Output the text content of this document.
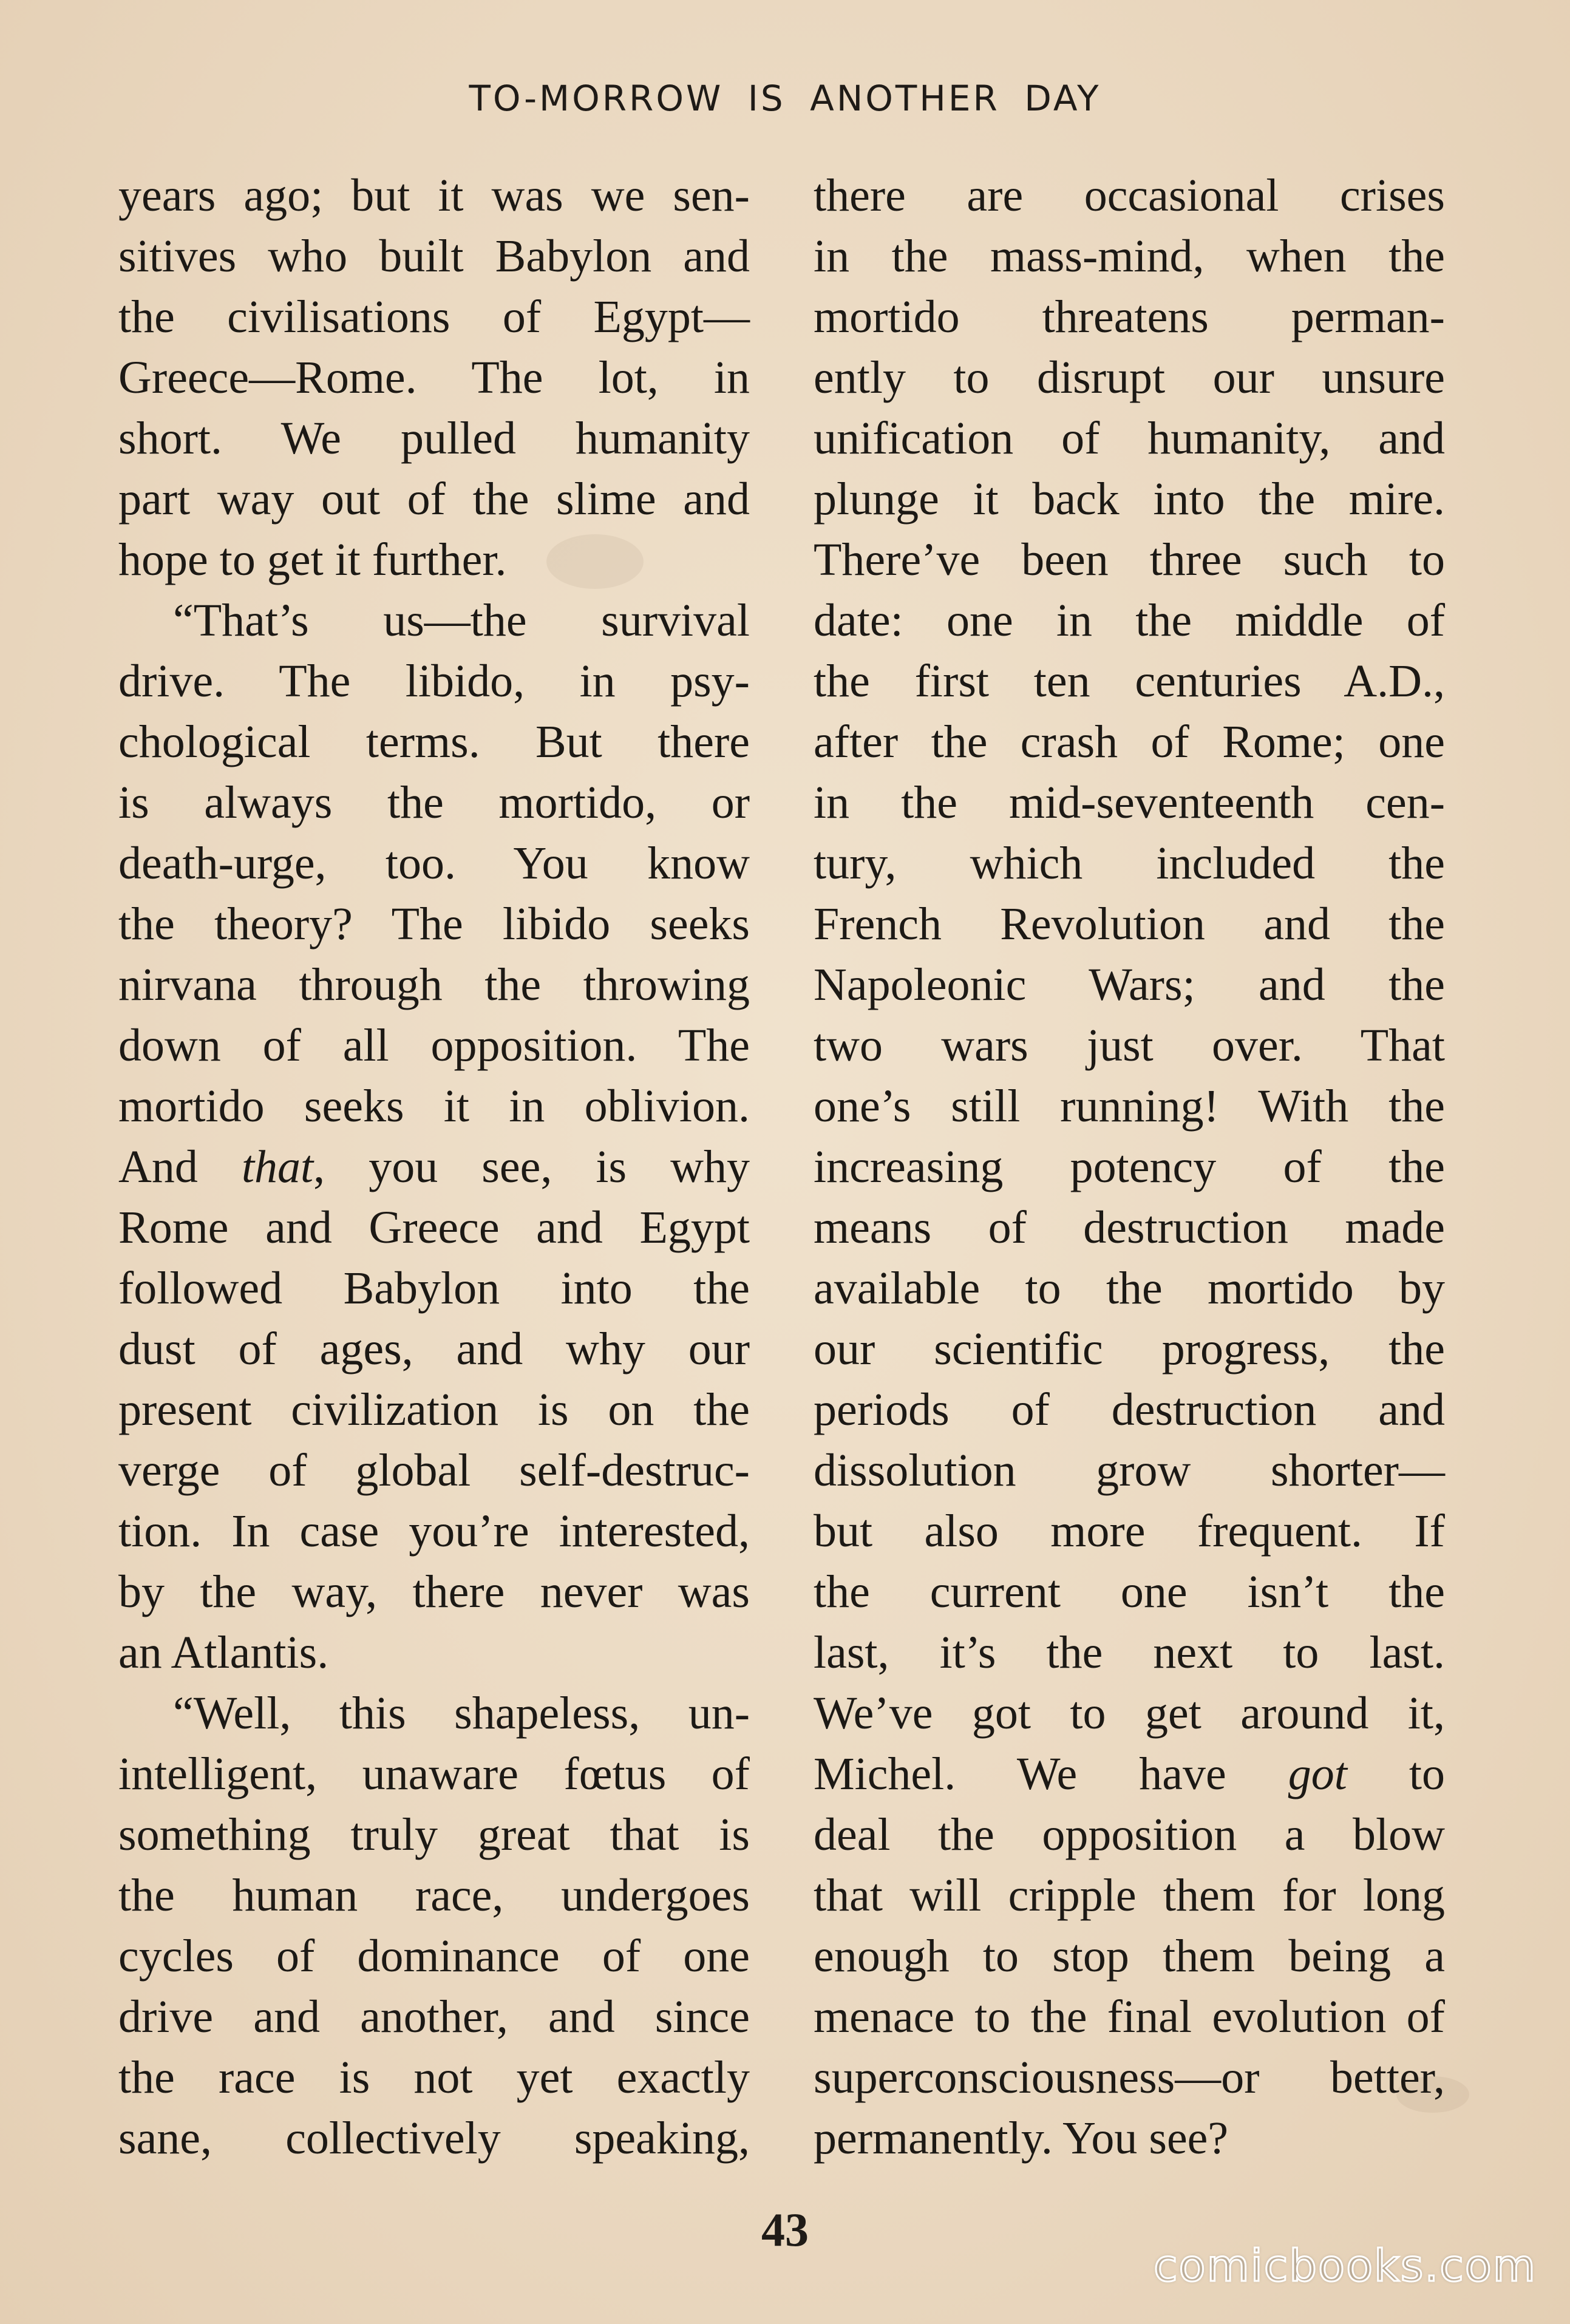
TO-MORROW IS ANOTHER DAY
years ago; but it was we sen-
sitives who built Babylon and
the civilisations of Egypt—
Greece—Rome. The lot, in
short. We pulled humanity
part way out of the slime and
hope to get it further.
“That’s us—the survival
drive. The libido, in psy-
chological terms. But there
is always the mortido, or
death-urge, too. You know
the theory? The libido seeks
nirvana through the throwing
down of all opposition. The
mortido seeks it in oblivion.
And that, you see, is why
Rome and Greece and Egypt
followed Babylon into the
dust of ages, and why our
present civilization is on the
verge of global self-destruc-
tion. In case you’re interested,
by the way, there never was
an Atlantis.
“Well, this shapeless, un-
intelligent, unaware fœtus of
something truly great that is
the human race, undergoes
cycles of dominance of one
drive and another, and since
the race is not yet exactly
sane, collectively speaking,
there are occasional crises
in the mass-mind, when the
mortido threatens perman-
ently to disrupt our unsure
unification of humanity, and
plunge it back into the mire.
There’ve been three such to
date: one in the middle of
the first ten centuries A.D.,
after the crash of Rome; one
in the mid-seventeenth cen-
tury, which included the
French Revolution and the
Napoleonic Wars; and the
two wars just over. That
one’s still running! With the
increasing potency of the
means of destruction made
available to the mortido by
our scientific progress, the
periods of destruction and
dissolution grow shorter—
but also more frequent. If
the current one isn’t the
last, it’s the next to last.
We’ve got to get around it,
Michel. We have got to
deal the opposition a blow
that will cripple them for long
enough to stop them being a
menace to the final evolution of
superconsciousness—or better,
permanently. You see?
43
comicbooks.com
